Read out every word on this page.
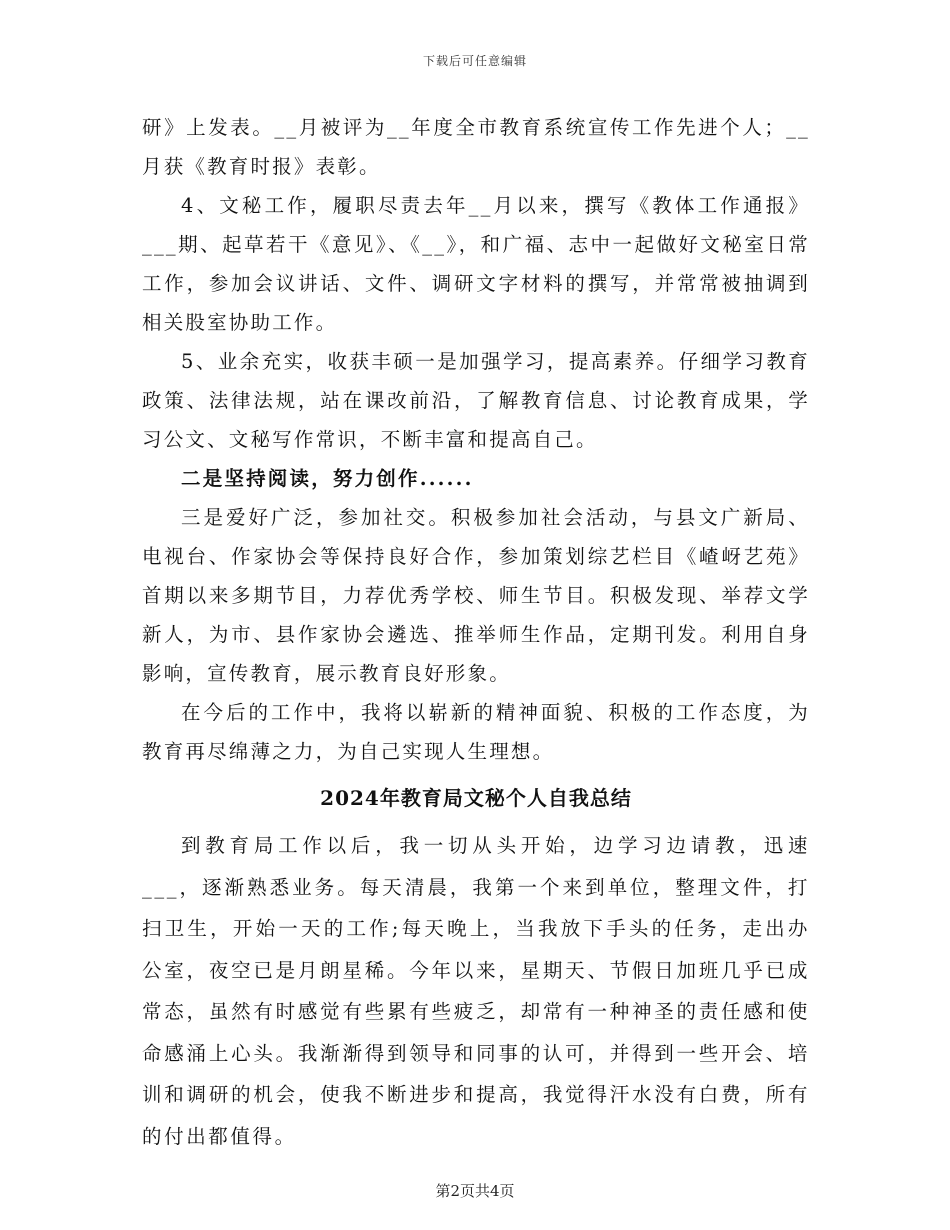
下载后可任意编辑

研》上发表。__月被评为__年度全市教育系统宣传工作先进个人；__月获《教育时报》表彰。

4、文秘工作，履职尽责去年__月以来，撰写《教体工作通报》___期、起草若干《意见》、《__》，和广福、志中一起做好文秘室日常工作，参加会议讲话、文件、调研文字材料的撰写，并常常被抽调到相关股室协助工作。

5、业余充实，收获丰硕一是加强学习，提高素养。仔细学习教育政策、法律法规，站在课改前沿，了解教育信息、讨论教育成果，学习公文、文秘写作常识，不断丰富和提高自己。

二是坚持阅读，努力创作......

三是爱好广泛，参加社交。积极参加社会活动，与县文广新局、电视台、作家协会等保持良好合作，参加策划综艺栏目《嵖岈艺苑》首期以来多期节目，力荐优秀学校、师生节目。积极发现、举荐文学新人，为市、县作家协会遴选、推举师生作品，定期刊发。利用自身影响，宣传教育，展示教育良好形象。

在今后的工作中，我将以崭新的精神面貌、积极的工作态度，为教育再尽绵薄之力，为自己实现人生理想。

2024年教育局文秘个人自我总结

到教育局工作以后，我一切从头开始，边学习边请教，迅速___，逐渐熟悉业务。每天清晨，我第一个来到单位，整理文件，打扫卫生，开始一天的工作;每天晚上，当我放下手头的任务，走出办公室，夜空已是月朗星稀。今年以来，星期天、节假日加班几乎已成常态，虽然有时感觉有些累有些疲乏，却常有一种神圣的责任感和使命感涌上心头。我渐渐得到领导和同事的认可，并得到一些开会、培训和调研的机会，使我不断进步和提高，我觉得汗水没有白费，所有的付出都值得。

第2页共4页
